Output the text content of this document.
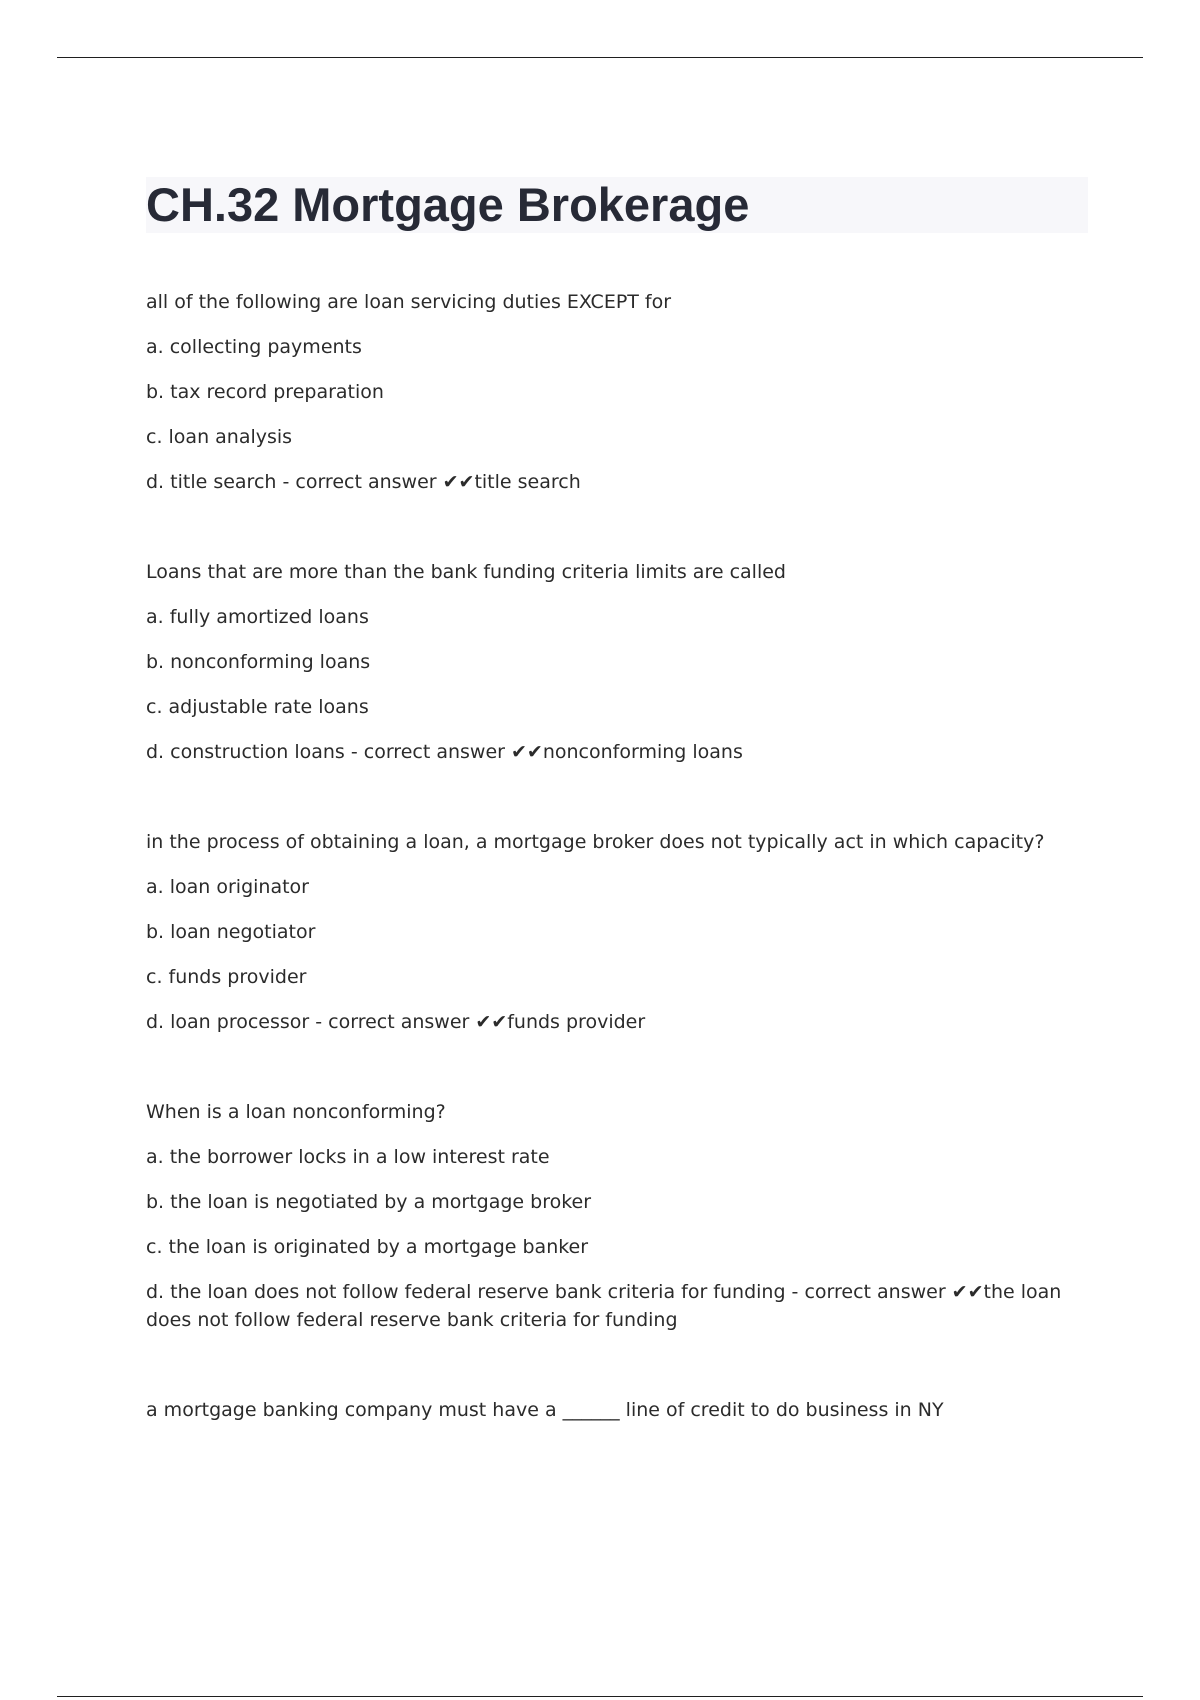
CH.32 Mortgage Brokerage

all of the following are loan servicing duties EXCEPT for

a. collecting payments

b. tax record preparation

c. loan analysis

d. title search - correct answer ✔✔title search

Loans that are more than the bank funding criteria limits are called

a. fully amortized loans

b. nonconforming loans

c. adjustable rate loans

d. construction loans - correct answer ✔✔nonconforming loans

in the process of obtaining a loan, a mortgage broker does not typically act in which capacity?

a. loan originator

b. loan negotiator

c. funds provider

d. loan processor - correct answer ✔✔funds provider

When is a loan nonconforming?

a. the borrower locks in a low interest rate

b. the loan is negotiated by a mortgage broker

c. the loan is originated by a mortgage banker

d. the loan does not follow federal reserve bank criteria for funding - correct answer ✔✔the loan does not follow federal reserve bank criteria for funding

a mortgage banking company must have a ______ line of credit to do business in NY
